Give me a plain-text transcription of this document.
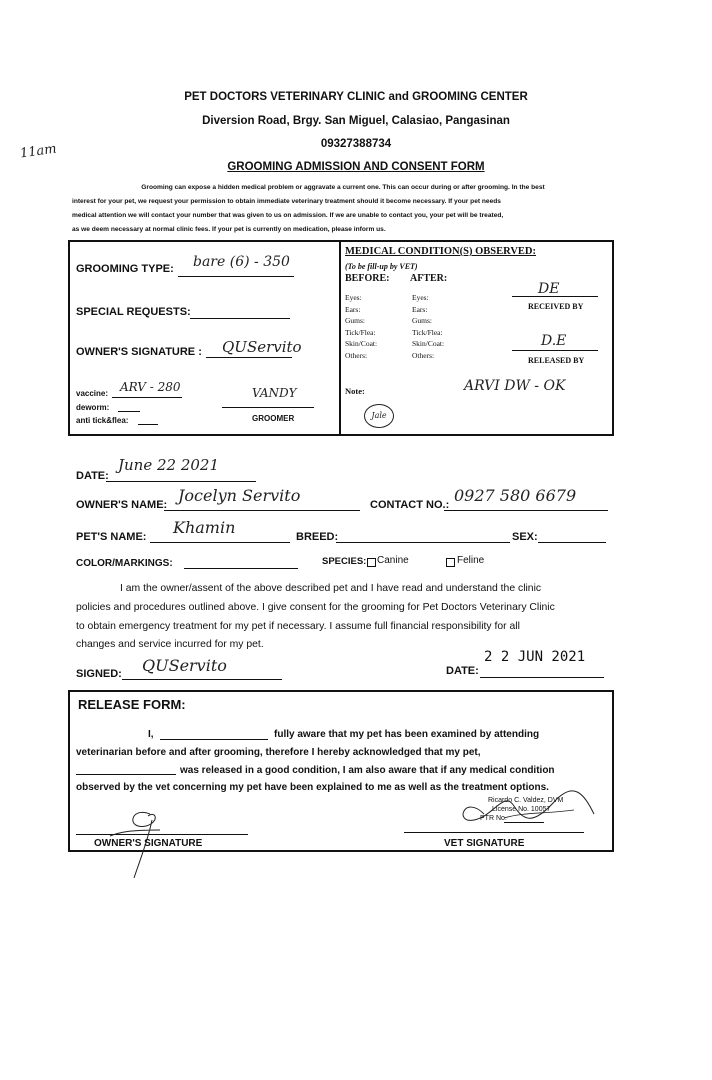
PET DOCTORS VETERINARY CLINIC and GROOMING CENTER
Diversion Road, Brgy. San Miguel, Calasiao, Pangasinan
09327388734
GROOMING ADMISSION AND CONSENT FORM
11am
Grooming can expose a hidden medical problem or aggravate a current one. This can occur during or after grooming. In the best
interest for your pet, we request your permission to obtain immediate veterinary treatment should it become necessary. If your pet needs
medical attention we will contact your number that was given to us on admission. If we are unable to contact you, your pet will be treated,
as we deem necessary at normal clinic fees. If your pet is currently on medication, please inform us.
GROOMING TYPE: bare (6) - 350
SPECIAL REQUESTS:
OWNER'S SIGNATURE : QUServito
vaccine: ARV - 280
deworm:
anti tick&flea:
VANDY
GROOMER
MEDICAL CONDITION(S) OBSERVED:
(To be fill-up by VET)
BEFORE: AFTER:
Eyes:
Ears:
Gums:
Tick/Flea:
Skin/Coat:
Others:
Eyes:
Ears:
Gums:
Tick/Flea:
Skin/Coat:
Others:
DE
RECEIVED BY
D.E
RELEASED BY
Note:	ARVI DW - OK
Jale
DATE:
June 22 2021
OWNER'S NAME: Jocelyn Servito	CONTACT NO.: 0927 580 6679
PET'S NAME: Khamin	BREED:	SEX:
COLOR/MARKINGS:	SPECIES: Canine	Feline
I am the owner/assent of the above described pet and I have read and understand the clinic
policies and procedures outlined above. I give consent for the grooming for Pet Doctors Veterinary Clinic
to obtain emergency treatment for my pet if necessary. I assume full financial responsibility for all
changes and service incurred for my pet.
SIGNED: QUServito	DATE:
2 2 JUN 2021
RELEASE FORM:
I,	fully aware that my pet has been examined by attending
veterinarian before and after grooming, therefore I hereby acknowledged that my pet,
was released in a good condition, I am also aware that if any medical condition
observed by the vet concerning my pet have been explained to me as well as the treatment options.
Ricardo C. Valdez, DVM
License No. 10057
PTR No.
OWNER'S SIGNATURE	VET SIGNATURE
